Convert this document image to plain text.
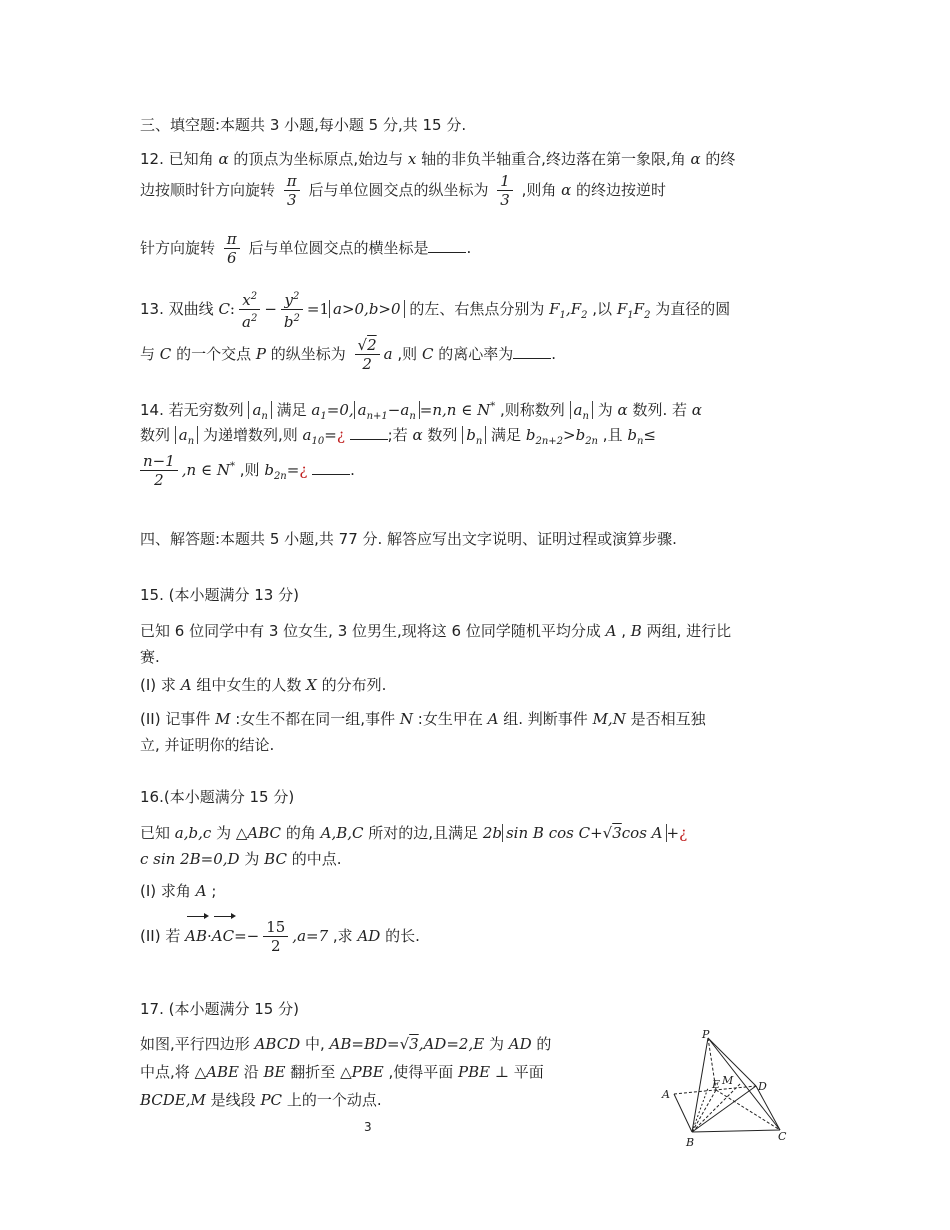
三、填空题:本题共 3 小题,每小题 5 分,共 15 分.
12. 已知角 α 的顶点为坐标原点,始边与 x 轴的非负半轴重合,终边落在第一象限,角 α 的终
边按顺时针方向旋转 $\frac{\pi}{3}$ 后与单位圆交点的纵坐标为 $\frac{1}{3}$ ,则角 α 的终边按逆时
针方向旋转 $\frac{\pi}{6}$ 后与单位圆交点的横坐标是	.
13. 双曲线 C: $\frac{x^2}{a^2} - \frac{y^2}{b^2} =1$ a>0,b>0 的左、右焦点分别为 $F_1,F_2$ ,以 $F_1F_2$ 为直径的圆
与 C 的一个交点 P 的纵坐标为 $\frac{√2}{2}$ a ,则 C 的离心率为	.
14. 若无穷数列 $a_n$ 满足 $a_1=0$, $a_{n+1}-a_n =n,n$ ∈ N* ,则称数列 $a_n$ 为 α 数列. 若 α
数列 $a_n$ 为递增数列,则 $a_{10}=¿$	;若 α 数列 $b_n$ 满足 $b_{2n+2}>b_{2n}$ ,且 $b_n\le$
$\frac{n-1}{2} ,n$ ∈ N* ,则 $b_{2n}=¿$	.
四、解答题:本题共 5 小题,共 77 分. 解答应写出文字说明、证明过程或演算步骤.
15. (本小题满分 13 分)
已知 6 位同学中有 3 位女生, 3 位男生,现将这 6 位同学随机平均分成 A , B 两组, 进行比
赛.
(I) 求 A 组中女生的人数 X 的分布列.
(II) 记事件 M :女生不都在同一组,事件 N :女生甲在 A 组. 判断事件 M,N 是否相互独
立, 并证明你的结论.
16.(本小题满分 15 分)
已知 a,b,c 为 △ABC 的角 A,B,C 所对的边,且满足 2b sin B cos C+√3cos A +¿
c sin 2B=0,D 为 BC 的中点.
(I) 求角 A ;
(II) 若 $AB\cdot AC=- \frac{15}{2} ,a=7$ ,求 AD 的长.
17. (本小题满分 15 分)
如图,平行四边形 ABCD 中, AB=BD=√3,AD=2,E 为 AD 的
中点,将 △ABE 沿 BE 翻折至 △PBE ,使得平面 PBE ⊥ 平面
BCDE,M 是线段 PC 上的一个动点.
P
E M D
A
B	C
3
